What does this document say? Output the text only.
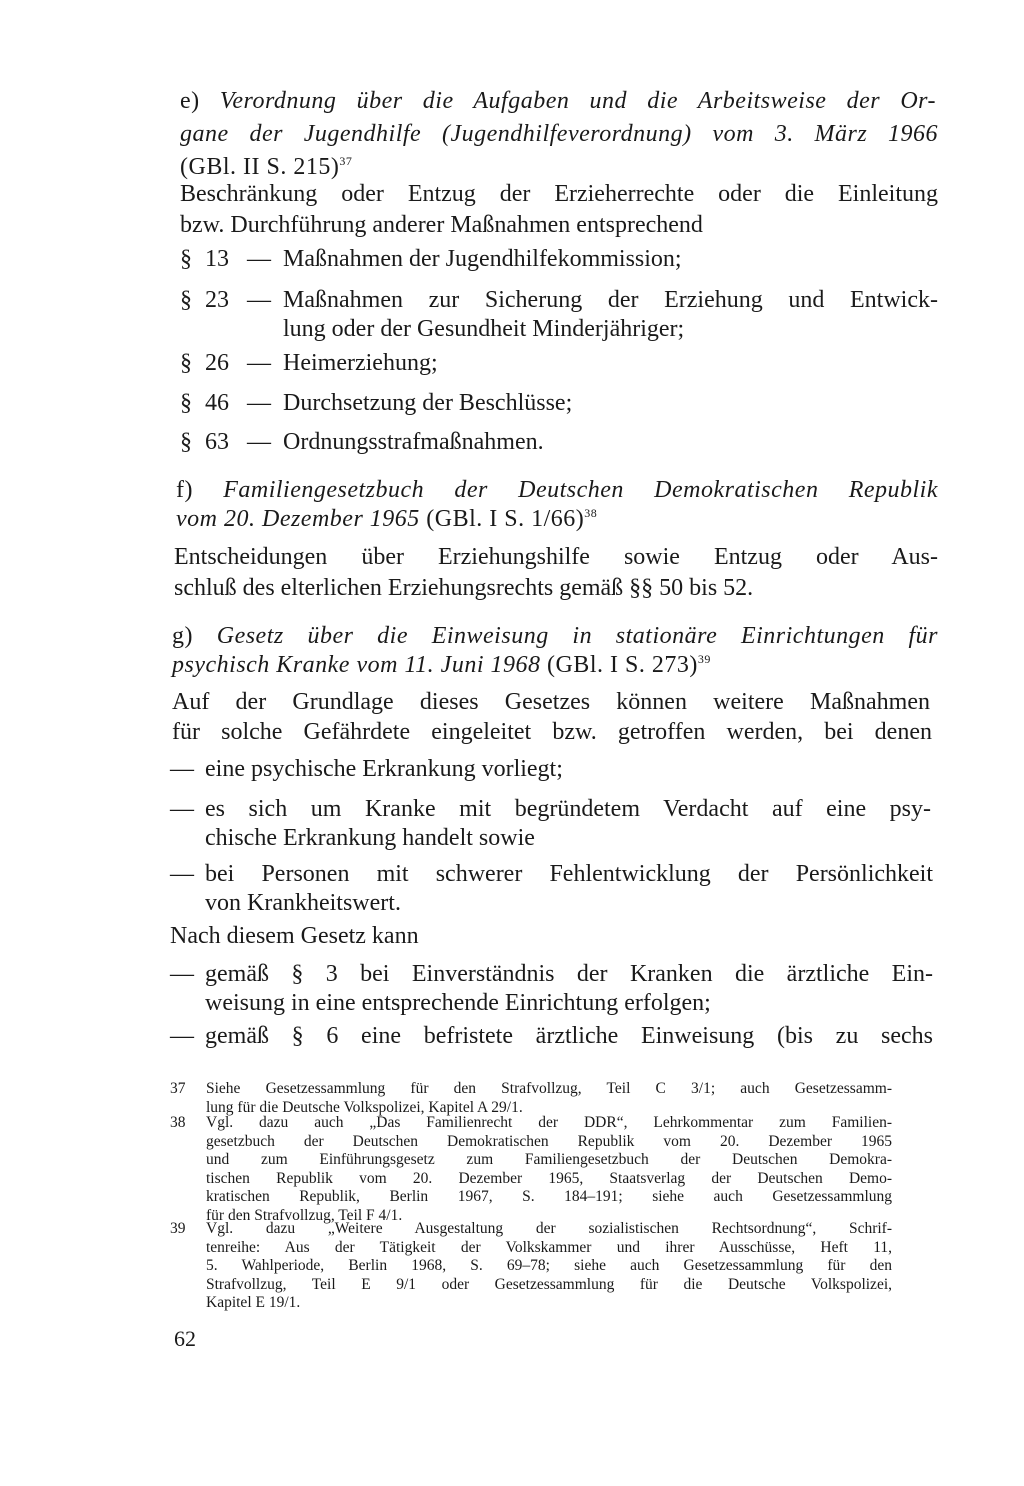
e) Verordnung über die Aufgaben und die Arbeitsweise der Or-
gane der Jugendhilfe (Jugendhilfeverordnung) vom 3. März 1966
(GBl. II S. 215)$^{37}$
Beschränkung oder Entzug der Erzieherrechte oder die Einleitung
bzw. Durchführung anderer Maßnahmen entsprechend
§ 13 — Maßnahmen der Jugendhilfekommission;
§ 23 — Maßnahmen zur Sicherung der Erziehung und Entwick-
lung oder der Gesundheit Minderjähriger;
§ 26 — Heimerziehung;
§ 46 — Durchsetzung der Beschlüsse;
§ 63 — Ordnungsstrafmaßnahmen.
f) Familiengesetzbuch der Deutschen Demokratischen Republik
vom 20. Dezember 1965 (GBl. I S. 1/66)$^{38}$
Entscheidungen über Erziehungshilfe sowie Entzug oder Aus-
schluß des elterlichen Erziehungsrechts gemäß §§ 50 bis 52.
g) Gesetz über die Einweisung in stationäre Einrichtungen für
psychisch Kranke vom 11. Juni 1968 (GBl. I S. 273)$^{39}$
Auf der Grundlage dieses Gesetzes können weitere Maßnahmen
für solche Gefährdete eingeleitet bzw. getroffen werden, bei denen
— eine psychische Erkrankung vorliegt;
— es sich um Kranke mit begründetem Verdacht auf eine psy-
chische Erkrankung handelt sowie
— bei Personen mit schwerer Fehlentwicklung der Persönlichkeit
von Krankheitswert.
Nach diesem Gesetz kann
— gemäß § 3 bei Einverständnis der Kranken die ärztliche Ein-
weisung in eine entsprechende Einrichtung erfolgen;
— gemäß § 6 eine befristete ärztliche Einweisung (bis zu sechs
37	Siehe Gesetzessammlung für den Strafvollzug, Teil C 3/1; auch Gesetzessamm-
lung für die Deutsche Volkspolizei, Kapitel A 29/1.
38	Vgl. dazu auch „Das Familienrecht der DDR“, Lehrkommentar zum Familien-
gesetzbuch der Deutschen Demokratischen Republik vom 20. Dezember 1965
und zum Einführungsgesetz zum Familiengesetzbuch der Deutschen Demokra-
tischen Republik vom 20. Dezember 1965, Staatsverlag der Deutschen Demo-
kratischen Republik, Berlin 1967, S. 184–191; siehe auch Gesetzessammlung
für den Strafvollzug, Teil F 4/1.
39	Vgl. dazu „Weitere Ausgestaltung der sozialistischen Rechtsordnung“, Schrif-
tenreihe: Aus der Tätigkeit der Volkskammer und ihrer Ausschüsse, Heft 11,
5. Wahlperiode, Berlin 1968, S. 69–78; siehe auch Gesetzessammlung für den
Strafvollzug, Teil E 9/1 oder Gesetzessammlung für die Deutsche Volkspolizei,
Kapitel E 19/1.
62
